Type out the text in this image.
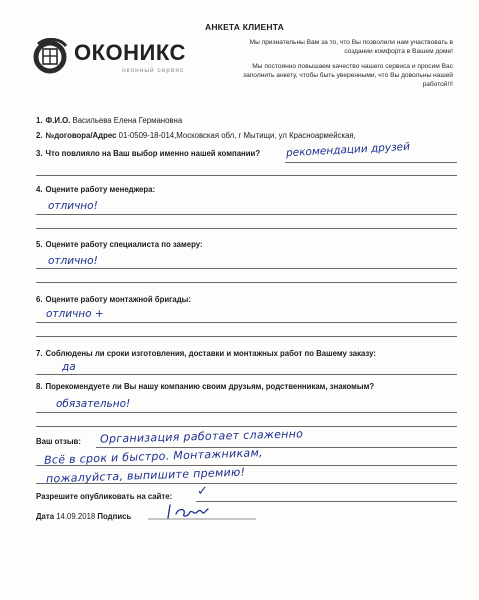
АНКЕТА КЛИЕНТА
ОКОНИКС
оконный сервис
Мы признательны Вам за то, что Вы позволили нам участвовать в создании комфорта в Вашем доме!
Мы постоянно повышаем качество нашего сервиса и просим Вас заполнить анкету, чтобы быть уверенными, что Вы довольны нашей работой!!!
1. Ф.И.О. Васильева Елена Германовна
2. №договора/Адрес 01-0509-18-014,Московская обл, г Мытищи, ул Красноармейская,
3. Что повлияло на Ваш выбор именно нашей компании? рекомендации друзей
4. Оцените работу менеджера:
отлично!
5. Оцените работу специалиста по замеру:
отлично!
6. Оцените работу монтажной бригады:
отлично +
7. Соблюдены ли сроки изготовления, доставки и монтажных работ по Вашему заказу:
да
8. Порекомендуете ли Вы нашу компанию своим друзьям, родственникам, знакомым?
обязательно!
Ваш отзыв: Организация работает слаженно
Всё в срок и быстро. Монтажникам,
пожалуйста, выпишите премию!
Разрешите опубликовать на сайте: ✓
Дата 14.09.2018 Подпись
